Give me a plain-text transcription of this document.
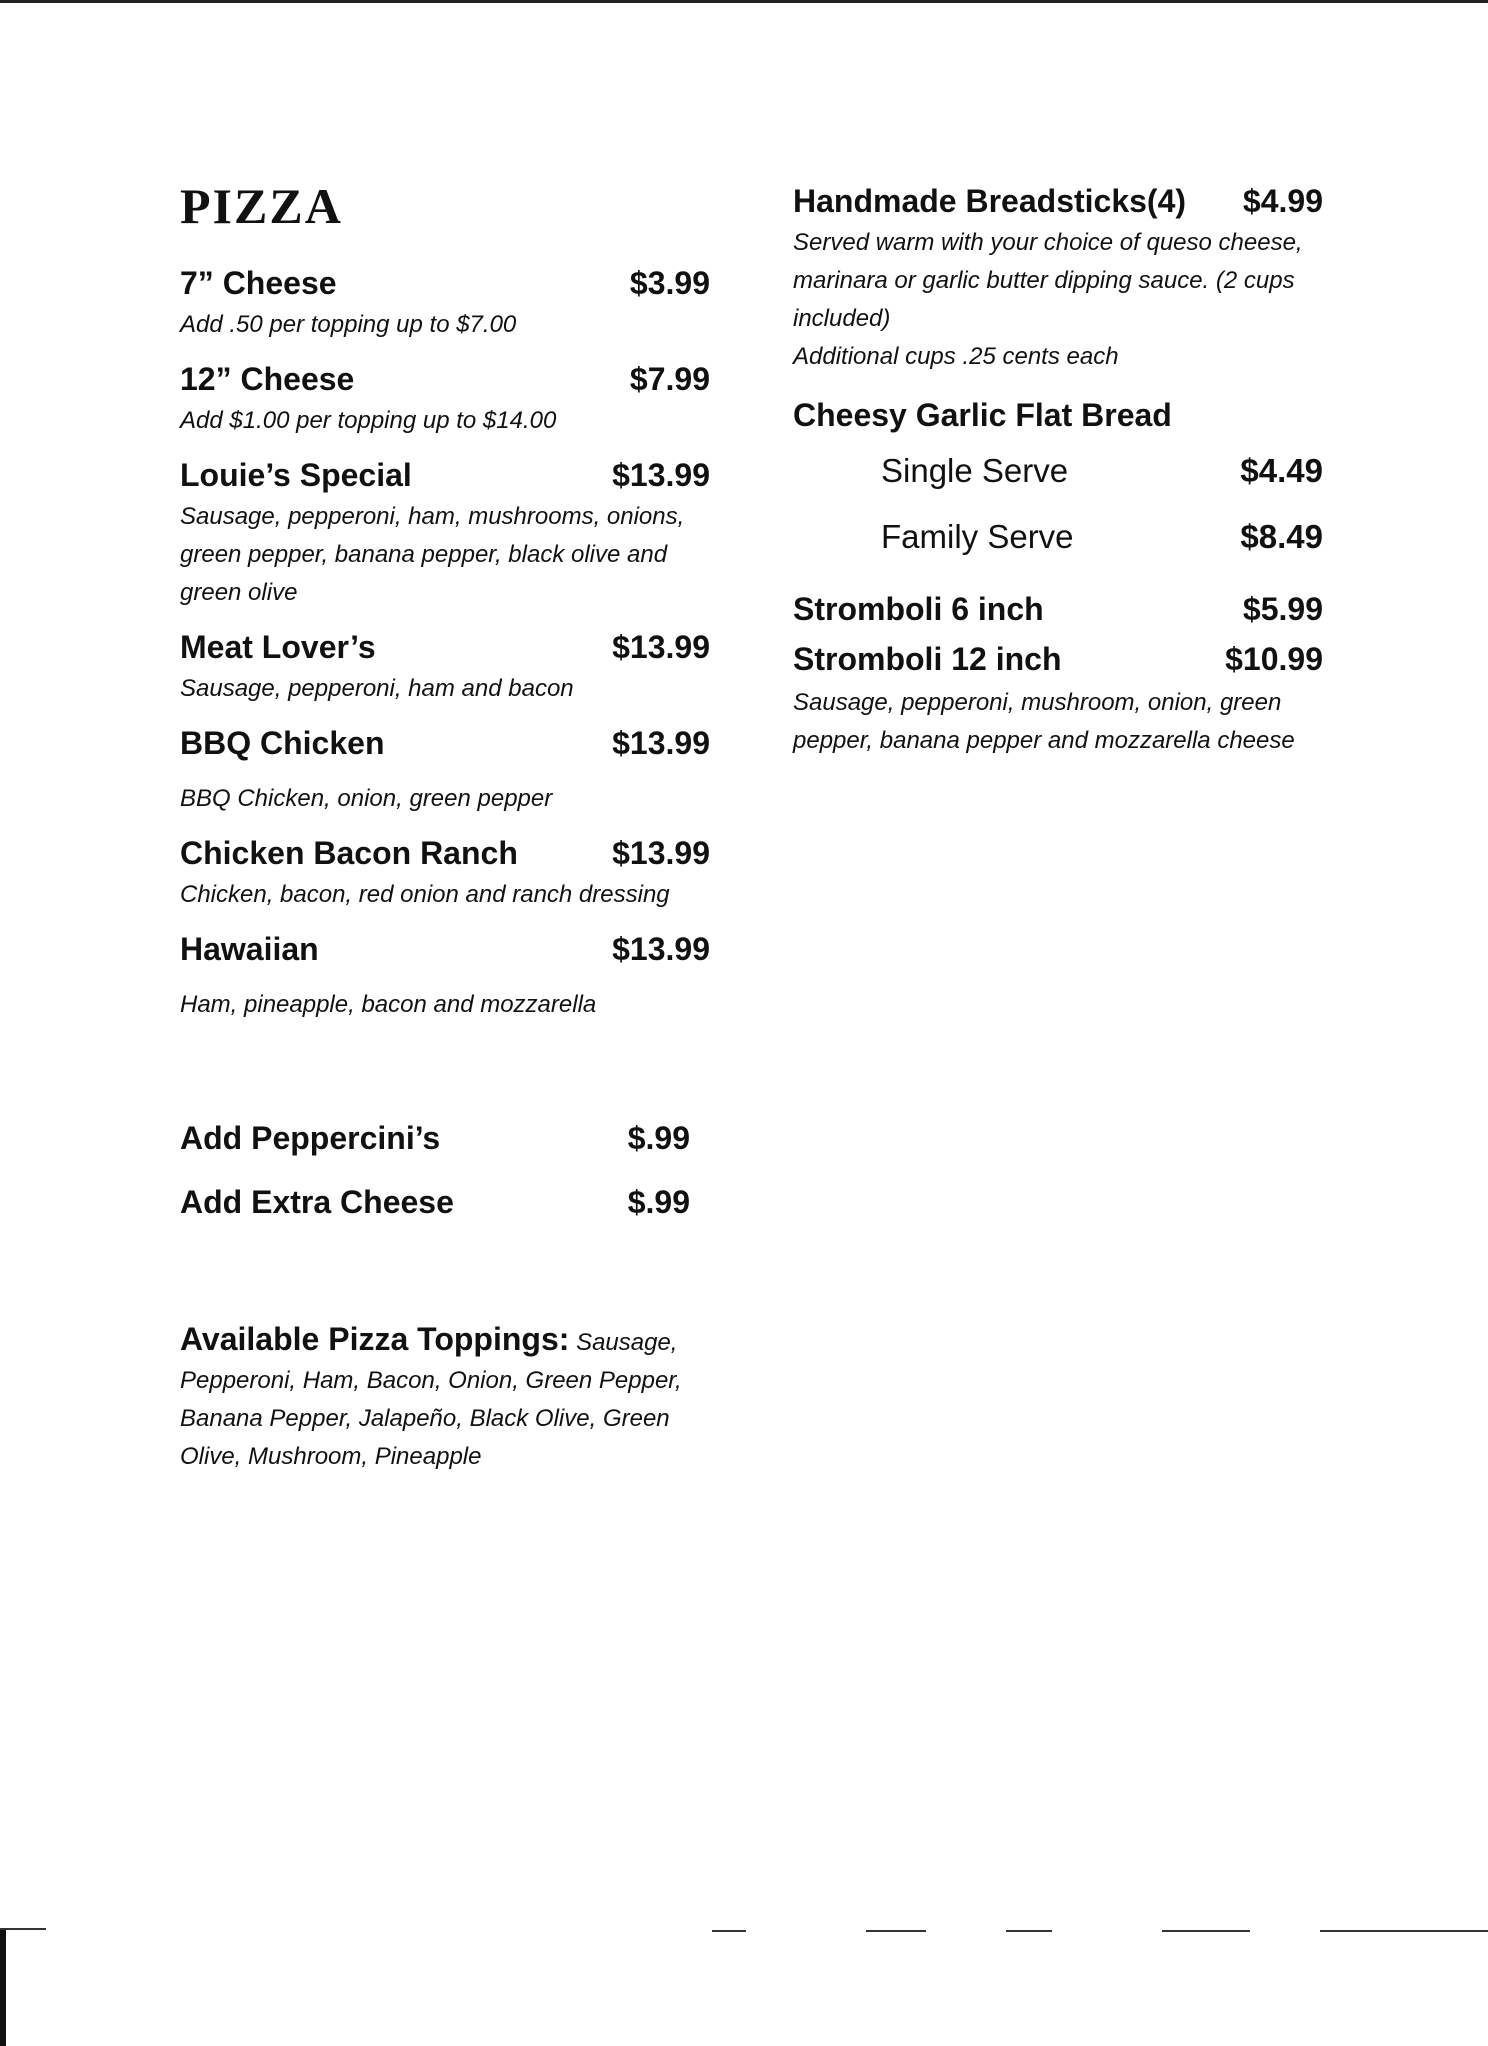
PIZZA
7” Cheese	$3.99
Add .50 per topping up to $7.00
12” Cheese	$7.99
Add $1.00 per topping up to $14.00
Louie’s Special	$13.99
Sausage, pepperoni, ham, mushrooms, onions, green pepper, banana pepper, black olive and green olive
Meat Lover’s	$13.99
Sausage, pepperoni, ham and bacon
BBQ Chicken	$13.99
BBQ Chicken, onion, green pepper
Chicken Bacon Ranch	$13.99
Chicken, bacon, red onion and ranch dressing
Hawaiian	$13.99
Ham, pineapple, bacon and mozzarella
Add Peppercini’s	$.99
Add Extra Cheese	$.99
Available Pizza Toppings: Sausage, Pepperoni, Ham, Bacon, Onion, Green Pepper, Banana Pepper, Jalapeño, Black Olive, Green Olive, Mushroom, Pineapple
Handmade Breadsticks(4) $4.99
Served warm with your choice of queso cheese, marinara or garlic butter dipping sauce. (2 cups included)
Additional cups .25 cents each
Cheesy Garlic Flat Bread
Single Serve	$4.49
Family Serve	$8.49
Stromboli 6 inch	$5.99
Stromboli 12 inch	$10.99
Sausage, pepperoni, mushroom, onion, green pepper, banana pepper and mozzarella cheese
